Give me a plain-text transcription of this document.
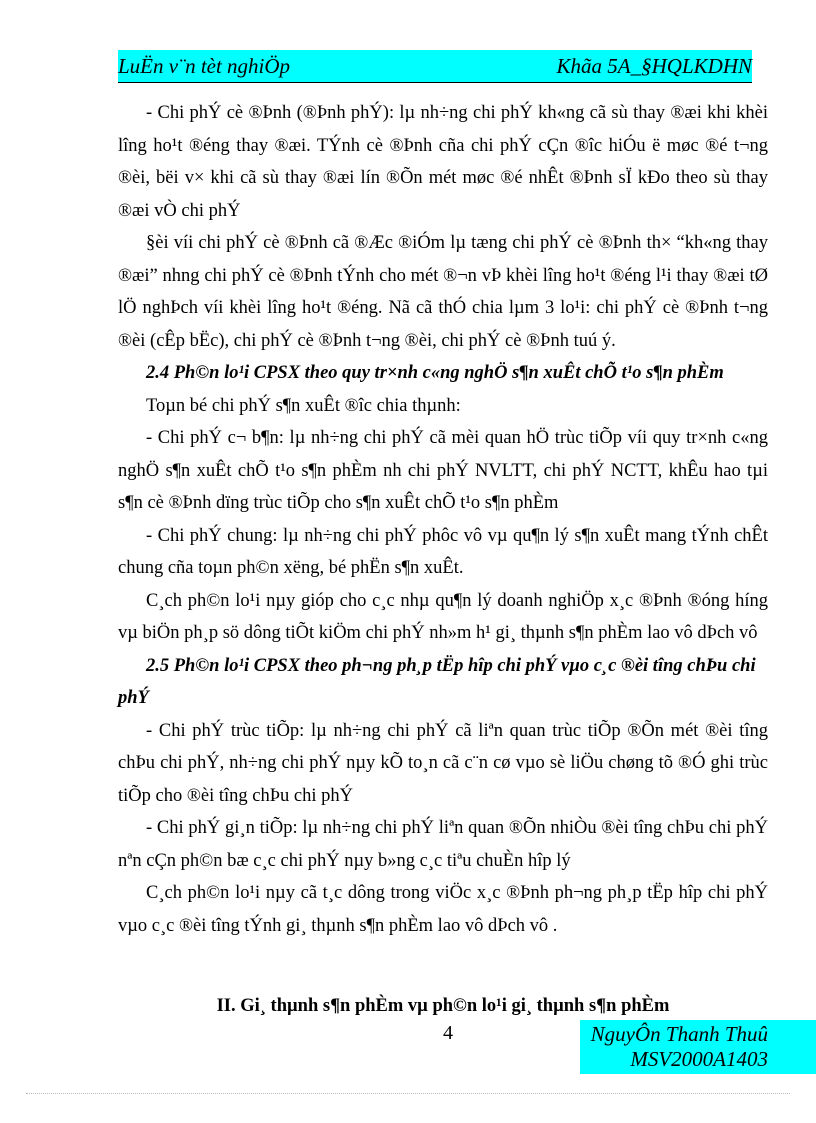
LuËn v¨n tèt nghiÖp	Khãa 5A_§HQLKDHN

- Chi phÝ cè ®Þnh (®Þnh phÝ): lµ nh÷ng chi phÝ kh«ng cã sù thay ®æi khi khèi lîng ho¹t ®éng thay ®æi. TÝnh cè ®Þnh cña chi phÝ cÇn ®îc hiÓu ë møc ®é t¬ng ®èi, bëi v× khi cã sù thay ®æi lín ®Õn mét møc ®é nhÊt ®Þnh sÏ kÐo theo sù thay ®æi vÒ chi phÝ

§èi víi chi phÝ cè ®Þnh cã ®Æc ®iÓm lµ tæng chi phÝ cè ®Þnh th× “kh«ng thay ®æi” nhng chi phÝ cè ®Þnh tÝnh cho mét ®¬n vÞ khèi lîng ho¹t ®éng l¹i thay ®æi tØ lÖ nghÞch víi khèi lîng ho¹t ®éng. Nã cã thÓ chia lµm 3 lo¹i: chi phÝ cè ®Þnh t¬ng ®èi (cÊp bËc), chi phÝ cè ®Þnh t¬ng ®èi, chi phÝ cè ®Þnh tuú ý.

2.4 Ph©n lo¹i CPSX theo quy tr×nh c«ng nghÖ s¶n xuÊt chÕ t¹o s¶n phÈm

Toµn bé chi phÝ s¶n xuÊt ®îc chia thµnh:

- Chi phÝ c¬ b¶n: lµ nh÷ng chi phÝ cã mèi quan hÖ trùc tiÕp víi quy tr×nh c«ng nghÖ s¶n xuÊt chÕ t¹o s¶n phÈm nh chi phÝ NVLTT, chi phÝ NCTT, khÊu hao tµi s¶n cè ®Þnh dïng trùc tiÕp cho s¶n xuÊt chÕ t¹o s¶n phÈm

- Chi phÝ chung: lµ nh÷ng chi phÝ phôc vô vµ qu¶n lý s¶n xuÊt mang tÝnh chÊt chung cña toµn ph©n xëng, bé phËn s¶n xuÊt.

C¸ch ph©n lo¹i nµy gióp cho c¸c nhµ qu¶n lý doanh nghiÖp x¸c ®Þnh ®óng híng vµ biÖn ph¸p sö dông tiÕt kiÖm chi phÝ nh»m h¹ gi¸ thµnh s¶n phÈm lao vô dÞch vô

2.5 Ph©n lo¹i CPSX theo ph¬ng ph¸p tËp hîp chi phÝ vµo c¸c ®èi tîng chÞu chi phÝ

- Chi phÝ trùc tiÕp: lµ nh÷ng chi phÝ cã liªn quan trùc tiÕp ®Õn mét ®èi tîng chÞu chi phÝ, nh÷ng chi phÝ nµy kÕ to¸n cã c¨n cø vµo sè liÖu chøng tõ ®Ó ghi trùc tiÕp cho ®èi tîng chÞu chi phÝ

- Chi phÝ gi¸n tiÕp: lµ nh÷ng chi phÝ liªn quan ®Õn nhiÒu ®èi tîng chÞu chi phÝ nªn cÇn ph©n bæ c¸c chi phÝ nµy b»ng c¸c tiªu chuÈn hîp lý

C¸ch ph©n lo¹i nµy cã t¸c dông trong viÖc x¸c ®Þnh ph¬ng ph¸p tËp hîp chi phÝ vµo c¸c ®èi tîng tÝnh gi¸ thµnh s¶n phÈm lao vô dÞch vô .

II. Gi¸ thµnh s¶n phÈm vµ ph©n lo¹i gi¸ thµnh s¶n phÈm

4	NguyÔn Thanh Thuû
MSV2000A1403
